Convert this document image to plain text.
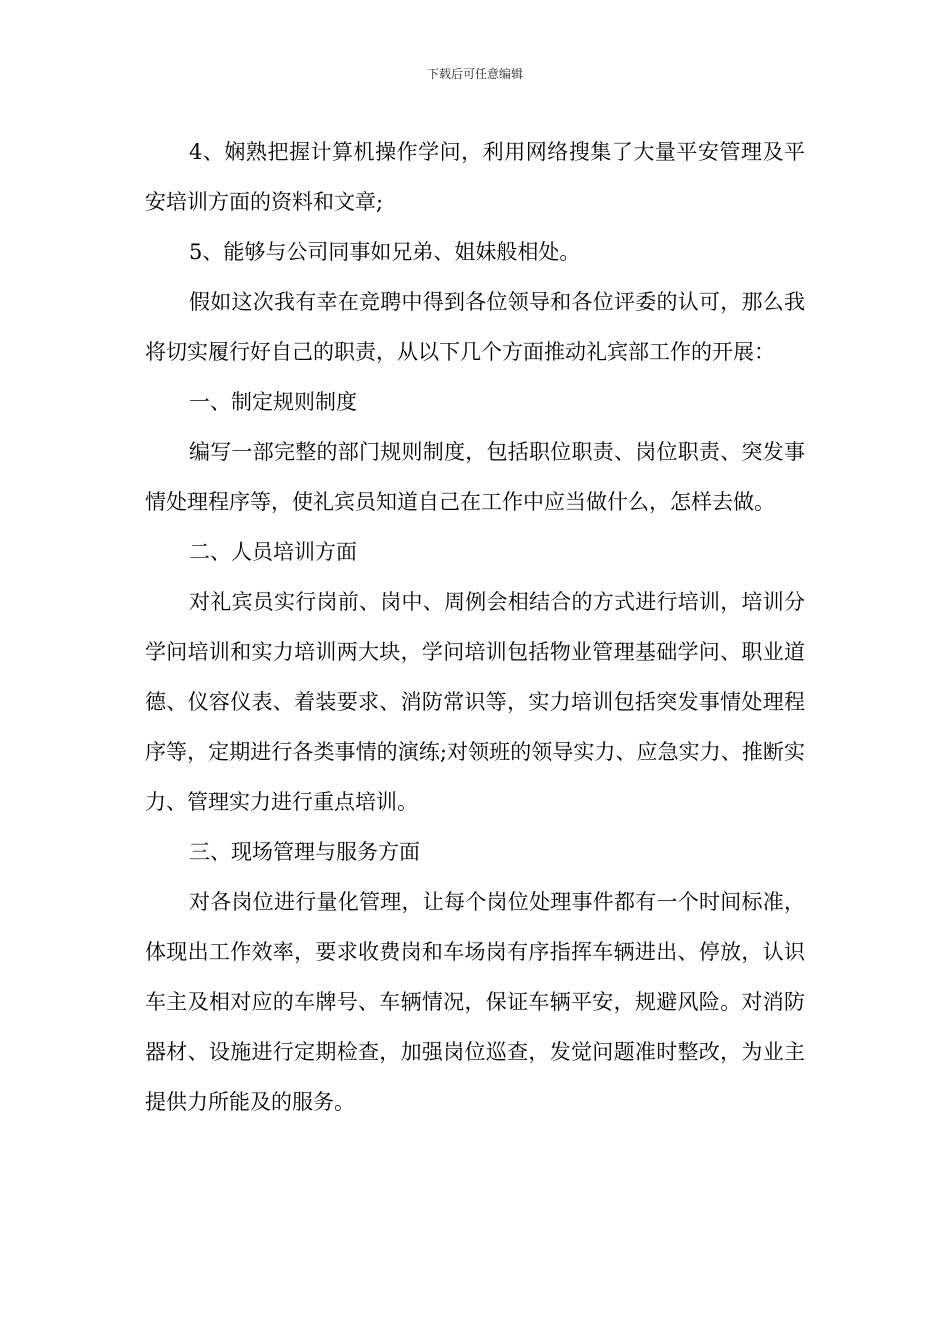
下载后可任意编辑

4、娴熟把握计算机操作学问，利用网络搜集了大量平安管理及平安培训方面的资料和文章;

5、能够与公司同事如兄弟、姐妹般相处。

假如这次我有幸在竞聘中得到各位领导和各位评委的认可，那么我将切实履行好自己的职责，从以下几个方面推动礼宾部工作的开展：

一、制定规则制度

编写一部完整的部门规则制度，包括职位职责、岗位职责、突发事情处理程序等，使礼宾员知道自己在工作中应当做什么，怎样去做。

二、人员培训方面

对礼宾员实行岗前、岗中、周例会相结合的方式进行培训，培训分学问培训和实力培训两大块，学问培训包括物业管理基础学问、职业道德、仪容仪表、着装要求、消防常识等，实力培训包括突发事情处理程序等，定期进行各类事情的演练;对领班的领导实力、应急实力、推断实力、管理实力进行重点培训。

三、现场管理与服务方面

对各岗位进行量化管理，让每个岗位处理事件都有一个时间标准，体现出工作效率，要求收费岗和车场岗有序指挥车辆进出、停放，认识车主及相对应的车牌号、车辆情况，保证车辆平安，规避风险。对消防器材、设施进行定期检查，加强岗位巡查，发觉问题准时整改，为业主提供力所能及的服务。
